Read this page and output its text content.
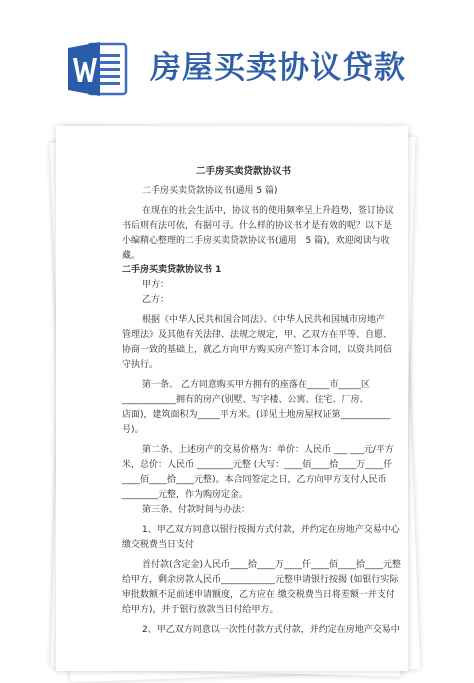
房屋买卖协议贷款
二手房买卖贷款协议书
二手房买卖贷款协议书(通用 5 篇)
在现在的社会生活中，协议书的使用频率呈上升趋势，签订协议
书后则有法可依，有据可寻。什么样的协议书才是有效的呢？以下是
小编精心整理的二手房买卖贷款协议书(通用　5 篇)，欢迎阅读与收
藏。
二手房买卖贷款协议书 1
甲方：
乙方：
根据《中华人民共和国合同法》、《中华人民共和国城市房地产
管理法》及其他有关法律、法规之规定，甲、乙双方在平等、自愿、
协商一致的基础上，就乙方向甲方购买房产签订本合同，以资共同信
守执行。
第一条、 乙方同意购买甲方拥有的座落在_____市_____区
____________拥有的房产(别墅、写字楼、公寓、住宅、厂房、
店面)，建筑面积为_____平方米。(详见土地房屋权证第___________
号)。
第二条、上述房产的交易价格为：单价：人民币 ___ ___元/平方
米，总价：人民币 ________元整 (大写：____佰____拾____万____仟
____佰____拾____元整)。本合同签定之日，乙方向甲方支付人民币
________元整，作为购房定金。
第三条、付款时间与办法：
1、甲乙双方同意以银行按揭方式付款，并约定在房地产交易中心
缴交税费当日支付
首付款(含定金)人民币____拾____万____仟____佰____拾____元整
给甲方，剩余房款人民币____________元整申请银行按揭 (如银行实际
审批数额不足前述申请额度，乙方应在 缴交税费当日将差额一并支付
给甲方)，并于银行放款当日付给甲方。
2、甲乙双方同意以一次性付款方式付款，并约定在房地产交易中
